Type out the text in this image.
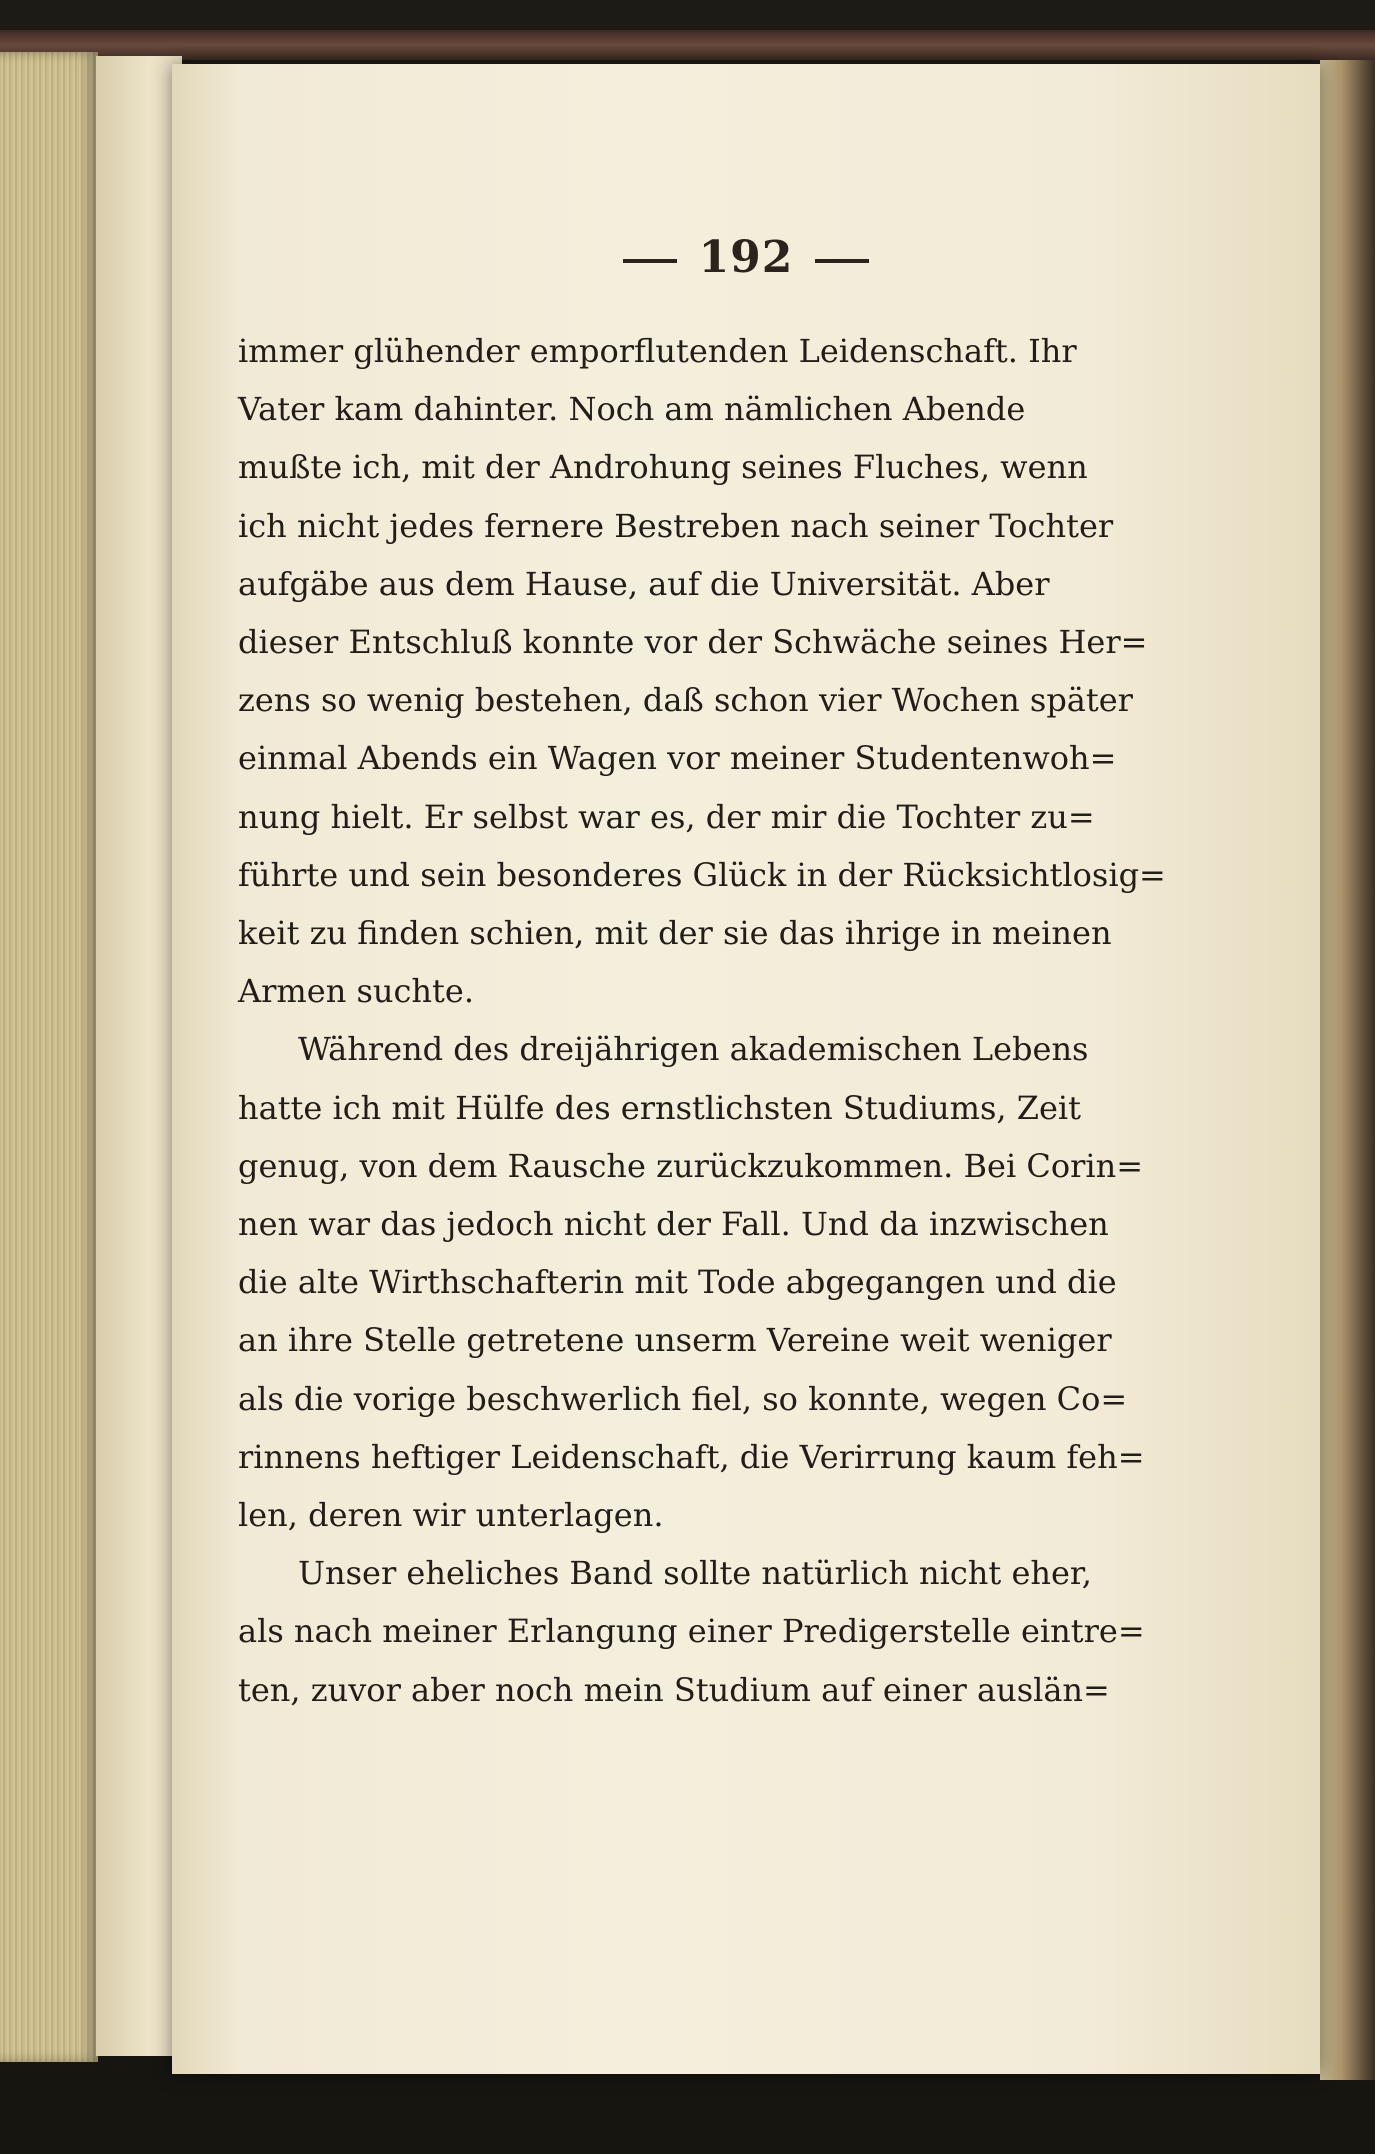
192
immer glühender emporflutenden Leidenschaft. Ihr
Vater kam dahinter. Noch am nämlichen Abende
mußte ich, mit der Androhung seines Fluches, wenn
ich nicht jedes fernere Bestreben nach seiner Tochter
aufgäbe aus dem Hause, auf die Universität. Aber
dieser Entschluß konnte vor der Schwäche seines Her=
zens so wenig bestehen, daß schon vier Wochen später
einmal Abends ein Wagen vor meiner Studentenwoh=
nung hielt. Er selbst war es, der mir die Tochter zu=
führte und sein besonderes Glück in der Rücksichtlosig=
keit zu finden schien, mit der sie das ihrige in meinen
Armen suchte.
Während des dreijährigen akademischen Lebens
hatte ich mit Hülfe des ernstlichsten Studiums, Zeit
genug, von dem Rausche zurückzukommen. Bei Corin=
nen war das jedoch nicht der Fall. Und da inzwischen
die alte Wirthschafterin mit Tode abgegangen und die
an ihre Stelle getretene unserm Vereine weit weniger
als die vorige beschwerlich fiel, so konnte, wegen Co=
rinnens heftiger Leidenschaft, die Verirrung kaum feh=
len, deren wir unterlagen.
Unser eheliches Band sollte natürlich nicht eher,
als nach meiner Erlangung einer Predigerstelle eintre=
ten, zuvor aber noch mein Studium auf einer auslän=
